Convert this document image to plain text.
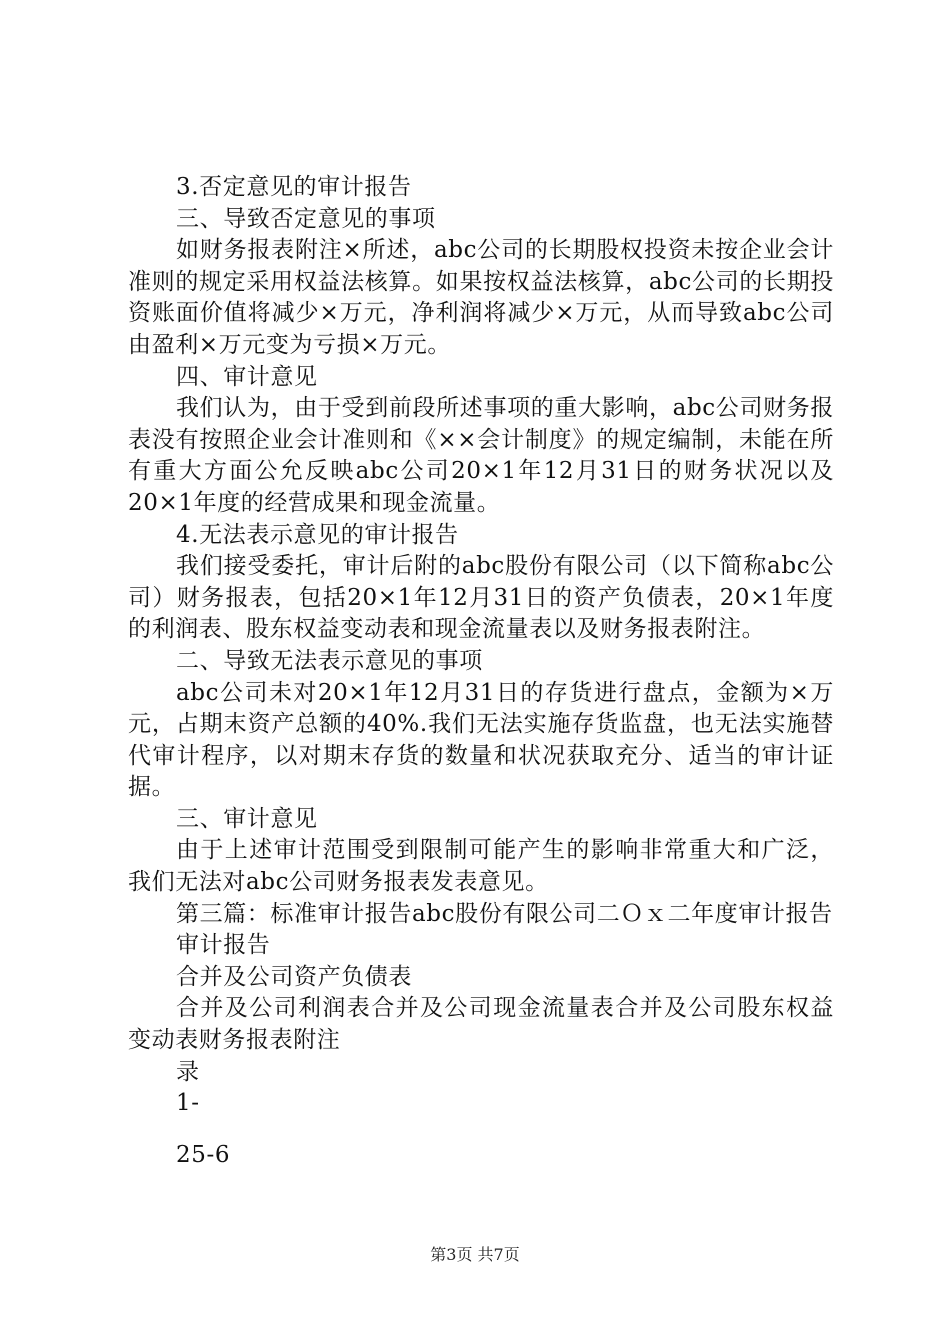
3.否定意见的审计报告

三、导致否定意见的事项

如财务报表附注×所述，abc公司的长期股权投资未按企业会计准则的规定采用权益法核算。如果按权益法核算，abc公司的长期投资账面价值将减少×万元，净利润将减少×万元，从而导致abc公司由盈利×万元变为亏损×万元。

四、审计意见

我们认为，由于受到前段所述事项的重大影响，abc公司财务报表没有按照企业会计准则和《××会计制度》的规定编制，未能在所有重大方面公允反映abc公司20×1年12月31日的财务状况以及20×1年度的经营成果和现金流量。

4.无法表示意见的审计报告

我们接受委托，审计后附的abc股份有限公司（以下简称abc公司）财务报表，包括20×1年12月31日的资产负债表，20×1年度的利润表、股东权益变动表和现金流量表以及财务报表附注。

二、导致无法表示意见的事项

abc公司未对20×1年12月31日的存货进行盘点，金额为×万元，占期末资产总额的40%.我们无法实施存货监盘，也无法实施替代审计程序，以对期末存货的数量和状况获取充分、适当的审计证据。

三、审计意见

由于上述审计范围受到限制可能产生的影响非常重大和广泛，我们无法对abc公司财务报表发表意见。

第三篇：标准审计报告abc股份有限公司二Ｏｘ二年度审计报告

审计报告

合并及公司资产负债表

合并及公司利润表合并及公司现金流量表合并及公司股东权益变动表财务报表附注

录

1-

25-6

第3页 共7页
